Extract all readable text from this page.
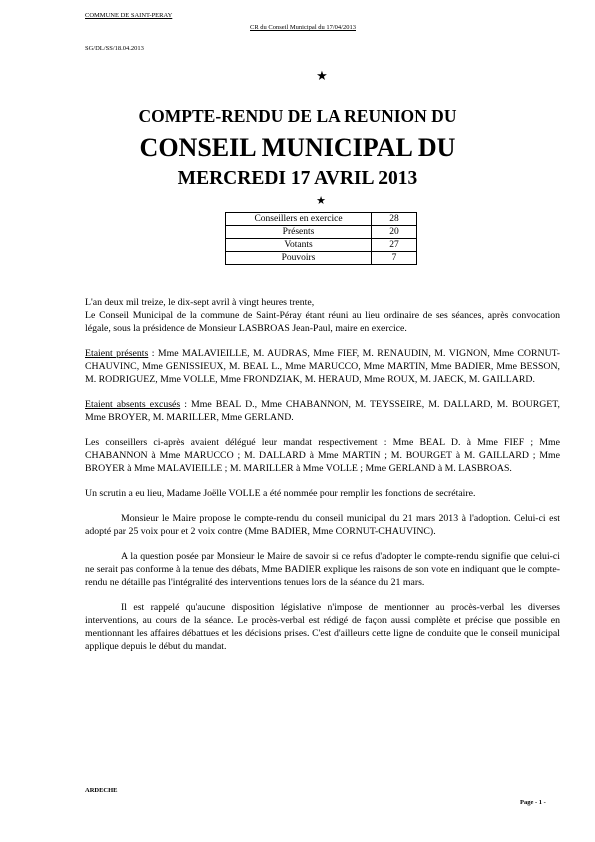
COMMUNE DE SAINT-PERAY
CR du Conseil Municipal du 17/04/2013
SG/DL/SS/18.04.2013
★
COMPTE-RENDU DE LA REUNION DU
CONSEIL MUNICIPAL DU
MERCREDI 17 AVRIL 2013
★
Conseillers en exercice	28
Présents	20
Votants	27
Pouvoirs	7

L'an deux mil treize, le dix-sept avril à vingt heures trente,
Le Conseil Municipal de la commune de Saint-Péray étant réuni au lieu ordinaire de ses séances, après convocation légale, sous la présidence de Monsieur LASBROAS Jean-Paul, maire en exercice.

Etaient présents : Mme MALAVIEILLE, M. AUDRAS, Mme FIEF, M. RENAUDIN, M. VIGNON, Mme CORNUT-CHAUVINC, Mme GENISSIEUX, M. BEAL L., Mme MARUCCO, Mme MARTIN, Mme BADIER, Mme BESSON, M. RODRIGUEZ, Mme VOLLE, Mme FRONDZIAK, M. HERAUD, Mme ROUX, M. JAECK, M. GAILLARD.

Etaient absents excusés : Mme BEAL D., Mme CHABANNON, M. TEYSSEIRE, M. DALLARD, M. BOURGET, Mme BROYER, M. MARILLER, Mme GERLAND.

Les conseillers ci-après avaient délégué leur mandat respectivement : Mme BEAL D. à Mme FIEF ; Mme CHABANNON à Mme MARUCCO ; M. DALLARD à Mme MARTIN ; M. BOURGET à M. GAILLARD ; Mme BROYER à Mme MALAVIEILLE ; M. MARILLER à Mme VOLLE ; Mme GERLAND à M. LASBROAS.

Un scrutin a eu lieu, Madame Joëlle VOLLE a été nommée pour remplir les fonctions de secrétaire.

Monsieur le Maire propose le compte-rendu du conseil municipal du 21 mars 2013 à l'adoption. Celui-ci est adopté par 25 voix pour et 2 voix contre (Mme BADIER, Mme CORNUT-CHAUVINC).

A la question posée par Monsieur le Maire de savoir si ce refus d'adopter le compte-rendu signifie que celui-ci ne serait pas conforme à la tenue des débats, Mme BADIER explique les raisons de son vote en indiquant que le compte-rendu ne détaille pas l'intégralité des interventions tenues lors de la séance du 21 mars.

Il est rappelé qu'aucune disposition législative n'impose de mentionner au procès-verbal les diverses interventions, au cours de la séance. Le procès-verbal est rédigé de façon aussi complète et précise que possible en mentionnant les affaires débattues et les décisions prises. C'est d'ailleurs cette ligne de conduite que le conseil municipal applique depuis le début du mandat.

ARDECHE
Page - 1 -
